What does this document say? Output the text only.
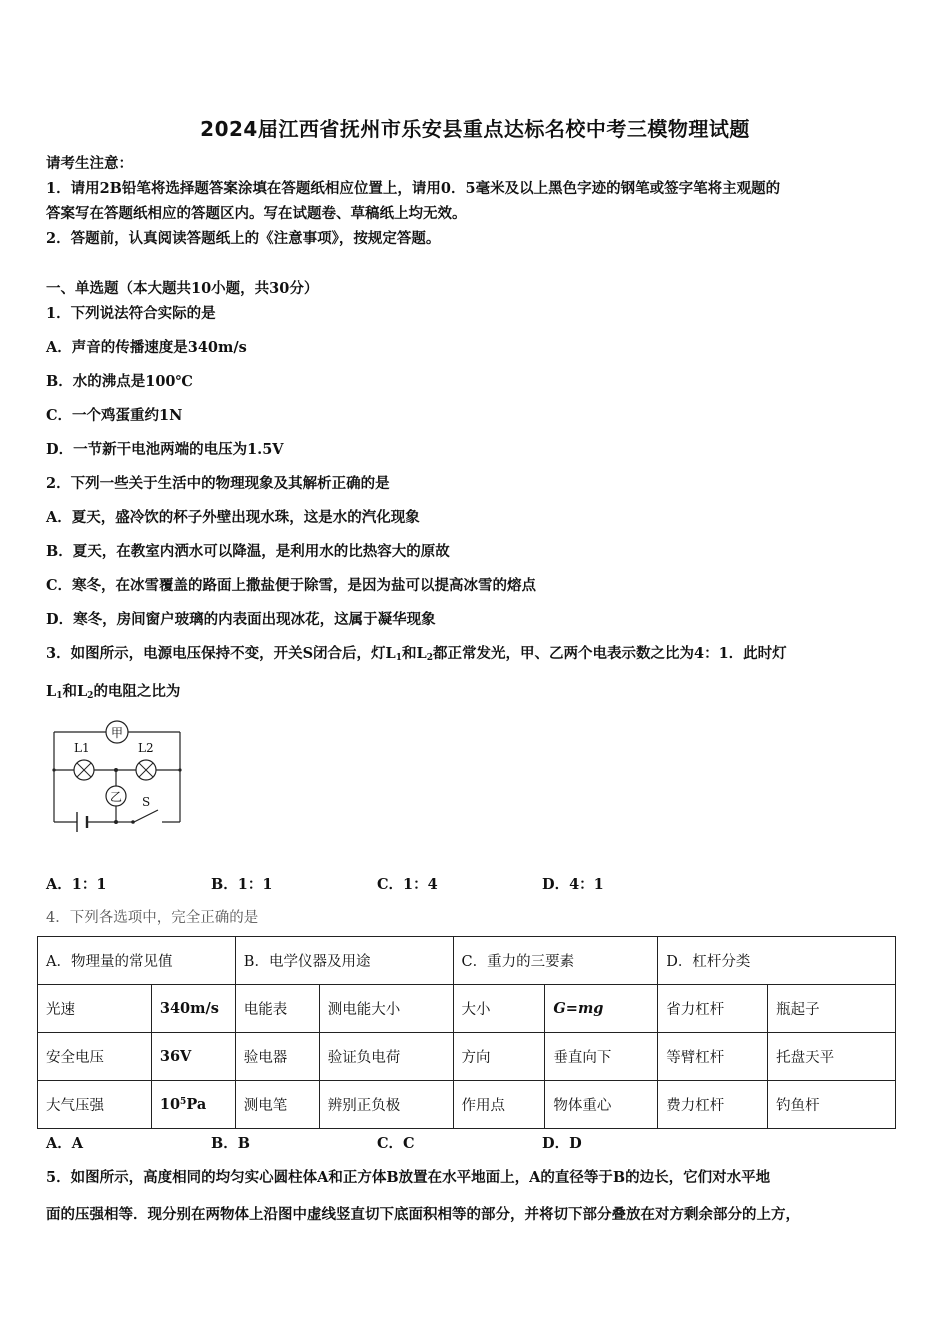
2024届江西省抚州市乐安县重点达标名校中考三模物理试题
请考生注意：
1．请用2B铅笔将选择题答案涂填在答题纸相应位置上，请用0．5毫米及以上黑色字迹的钢笔或签字笔将主观题的
答案写在答题纸相应的答题区内。写在试题卷、草稿纸上均无效。
2．答题前，认真阅读答题纸上的《注意事项》，按规定答题。
一、单选题（本大题共10小题，共30分）
1．下列说法符合实际的是
A．声音的传播速度是340m/s
B．水的沸点是100℃
C．一个鸡蛋重约1N
D．一节新干电池两端的电压为1.5V
2．下列一些关于生活中的物理现象及其解析正确的是
A．夏天，盛冷饮的杯子外壁出现水珠，这是水的汽化现象
B．夏天，在教室内洒水可以降温，是利用水的比热容大的原故
C．寒冬，在冰雪覆盖的路面上撒盐便于除雪，是因为盐可以提高冰雪的熔点
D．寒冬，房间窗户玻璃的内表面出现冰花，这属于凝华现象
3．如图所示，电源电压保持不变，开关S闭合后，灯$L_1$和$L_2$都正常发光，甲、乙两个电表示数之比为4：1．此时灯
$L_1$和$L_2$的电阻之比为
甲
L1	L2
乙 S
A．1：1	B．1：1	C．1：4	D．4：1
4．下列各选项中，完全正确的是
A．物理量的常见值		B．电学仪器及用途		C．重力的三要素		D．杠杆分类	
光速	340m/s	电能表	测电能大小	大小	G=mg	省力杠杆	瓶起子
安全电压	36V	验电器	验证负电荷	方向	垂直向下	等臂杠杆	托盘天平
大气压强	$10^5Pa$	测电笔	辨别正负极	作用点	物体重心	费力杠杆	钓鱼杆
A．A	B．B	C．C	D．D
5．如图所示，高度相同的均匀实心圆柱体A和正方体B放置在水平地面上，A的直径等于B的边长，它们对水平地
面的压强相等．现分别在两物体上沿图中虚线竖直切下底面积相等的部分，并将切下部分叠放在对方剩余部分的上方，
